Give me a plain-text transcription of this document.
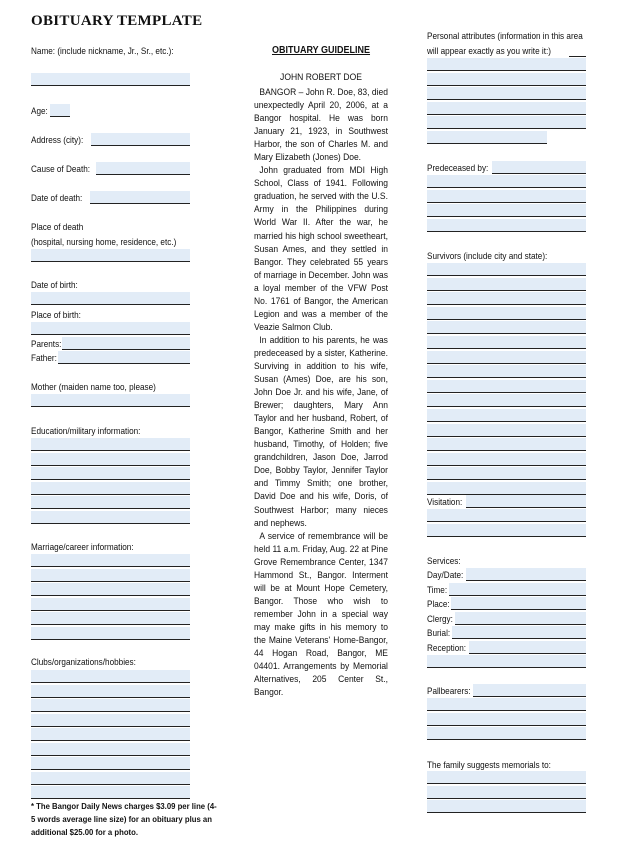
OBITUARY TEMPLATE
Name: (include nickname, Jr., Sr., etc.):
Age:
Address (city):
Cause of Death:
Date of death:
Place of death
(hospital, nursing home, residence, etc.)
Date of birth:
Place of birth:
Parents:
Father:
Mother (maiden name too, please)
Education/military information:
Marriage/career information:
Clubs/organizations/hobbies:
* The Bangor Daily News charges $3.09 per line (4-5 words average line size) for an obituary plus an additional $25.00 for a photo.
OBITUARY GUIDELINE
JOHN ROBERT DOE

BANGOR – John R. Doe, 83, died unexpectedly April 20, 2006, at a Bangor hospital. He was born January 21, 1923, in Southwest Harbor, the son of Charles M. and Mary Elizabeth (Jones) Doe.

John graduated from MDI High School, Class of 1941. Following graduation, he served with the U.S. Army in the Philippines during World War II. After the war, he married his high school sweetheart, Susan Ames, and they settled in Bangor. They celebrated 55 years of marriage in December. John was a loyal member of the VFW Post No. 1761 of Bangor, the American Legion and was a member of the Veazie Salmon Club.

In addition to his parents, he was predeceased by a sister, Katherine. Surviving in addition to his wife, Susan (Ames) Doe, are his son, John Doe Jr. and his wife, Jane, of Brewer; daughters, Mary Ann Taylor and her husband, Robert, of Bangor, Katherine Smith and her husband, Timothy, of Holden; five grandchildren, Jason Doe, Jarrod Doe, Bobby Taylor, Jennifer Taylor and Timmy Smith; one brother, David Doe and his wife, Doris, of Southwest Harbor; many nieces and nephews.

A service of remembrance will be held 11 a.m. Friday, Aug. 22 at Pine Grove Remembrance Center, 1347 Hammond St., Bangor. Interment will be at Mount Hope Cemetery, Bangor. Those who wish to remember John in a special way may make gifts in his memory to the Maine Veterans' Home-Bangor, 44 Hogan Road, Bangor, ME 04401. Arrangements by Memorial Alternatives, 205 Center St., Bangor.

Personal attributes (information in this area
will appear exactly as you write it:)
Predeceased by:
Survivors (include city and state):
Visitation:
Services:
Day/Date:
Time:
Place:
Clergy:
Burial:
Reception:
Pallbearers:
The family suggests memorials to:
